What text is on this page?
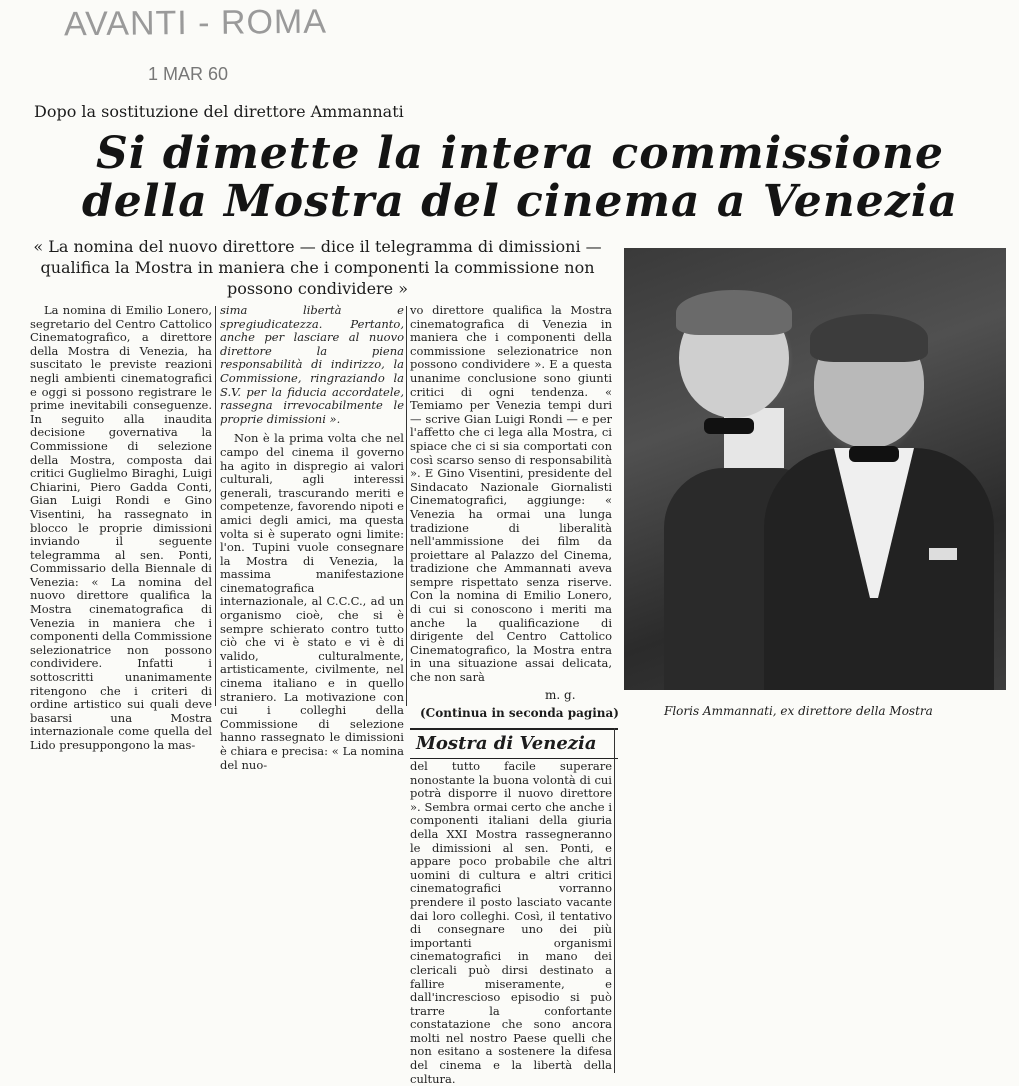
AVANTI - ROMA
1 MAR 60
Dopo la sostituzione del direttore Ammannati
Si dimette la intera commissione
della Mostra del cinema a Venezia
« La nomina del nuovo direttore — dice il telegramma di dimissioni — qualifica la Mostra in maniera che i componenti la commissione non possono condividere »

La nomina di Emilio Lonero, segretario del Centro Cattolico Cinematografico, a direttore della Mostra di Venezia, ha suscitato le previste reazioni negli ambienti cinematografici e oggi si possono registrare le prime inevitabili conseguenze. In seguito alla inaudita decisione governativa la Commissione di selezione della Mostra, composta dai critici Guglielmo Biraghi, Luigi Chiarini, Piero Gadda Conti, Gian Luigi Rondi e Gino Visentini, ha rassegnato in blocco le proprie dimissioni inviando il seguente telegramma al sen. Ponti, Commissario della Biennale di Venezia: « La nomina del nuovo direttore qualifica la Mostra cinematografica di Venezia in maniera che i componenti della Commissione selezionatrice non possono condividere. Infatti i sottoscritti unanimamente ritengono che i criteri di ordine artistico sui quali deve basarsi una Mostra internazionale come quella del Lido presuppongono la mas-

sima libertà e spregiudicatezza. Pertanto, anche per lasciare al nuovo direttore la piena responsabilità di indirizzo, la Commissione, ringraziando la S.V. per la fiducia accordatele, rassegna irrevocabilmente le proprie dimissioni ».

Non è la prima volta che nel campo del cinema il governo ha agito in dispregio ai valori culturali, agli interessi generali, trascurando meriti e competenze, favorendo nipoti e amici degli amici, ma questa volta si è superato ogni limite: l'on. Tupini vuole consegnare la Mostra di Venezia, la massima manifestazione cinematografica internazionale, al C.C.C., ad un organismo cioè, che si è sempre schierato contro tutto ciò che vi è stato e vi è di valido, culturalmente, artisticamente, civilmente, nel cinema italiano e in quello straniero. La motivazione con cui i colleghi della Commissione di selezione hanno rassegnato le dimissioni è chiara e precisa: « La nomina del nuo-

vo direttore qualifica la Mostra cinematografica di Venezia in maniera che i componenti della commissione selezionatrice non possono condividere ». E a questa unanime conclusione sono giunti critici di ogni tendenza. « Temiamo per Venezia tempi duri — scrive Gian Luigi Rondi — e per l'affetto che ci lega alla Mostra, ci spiace che ci si sia comportati con così scarso senso di responsabilità ». E Gino Visentini, presidente del Sindacato Nazionale Giornalisti Cinematografici, aggiunge: « Venezia ha ormai una lunga tradizione di liberalità nell'ammissione dei film da proiettare al Palazzo del Cinema, tradizione che Ammannati aveva sempre rispettato senza riserve. Con la nomina di Emilio Lonero, di cui si conoscono i meriti ma anche la qualificazione di dirigente del Centro Cattolico Cinematografico, la Mostra entra in una situazione assai delicata, che non sarà

m. g.
(Continua in seconda pagina)
Mostra di Venezia

del tutto facile superare nonostante la buona volontà di cui potrà disporre il nuovo direttore ». Sembra ormai certo che anche i componenti italiani della giuria della XXI Mostra rassegneranno le dimissioni al sen. Ponti, e appare poco probabile che altri uomini di cultura e altri critici cinematografici vorranno prendere il posto lasciato vacante dai loro colleghi. Così, il tentativo di consegnare uno dei più importanti organismi cinematografici in mano dei clericali può dirsi destinato a fallire miseramente, e dall'increscioso episodio si può trarre la confortante constatazione che sono ancora molti nel nostro Paese quelli che non esitano a sostenere la difesa del cinema e la libertà della cultura.

Floris Ammannati, ex direttore della Mostra
